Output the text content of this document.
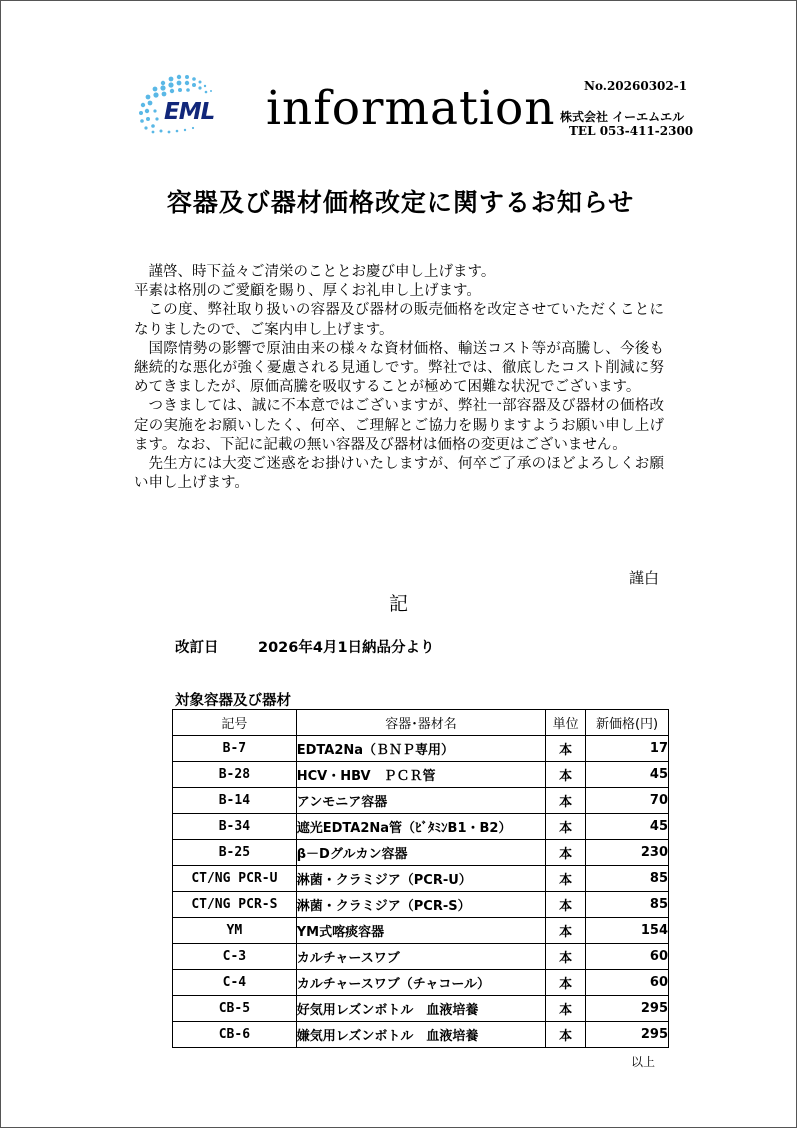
EML information No.20260302-1
株式会社 イーエムエル
TEL 053-411-2300
容器及び器材価格改定に関するお知らせ

謹啓、時下益々ご清栄のこととお慶び申し上げます。

平素は格別のご愛顧を賜り、厚くお礼申し上げます。

この度、弊社取り扱いの容器及び器材の販売価格を改定させていただくことになりましたので、ご案内申し上げます。

国際情勢の影響で原油由来の様々な資材価格、輸送コスト等が高騰し、今後も継続的な悪化が強く憂慮される見通しです。弊社では、徹底したコスト削減に努めてきましたが、原価高騰を吸収することが極めて困難な状況でございます。

つきましては、誠に不本意ではございますが、弊社一部容器及び器材の価格改定の実施をお願いしたく、何卒、ご理解とご協力を賜りますようお願い申し上げます。なお、下記に記載の無い容器及び器材は価格の変更はございません。

先生方には大変ご迷惑をお掛けいたしますが、何卒ご了承のほどよろしくお願い申し上げます。

謹白
記
改訂日	2026年4月1日納品分より
対象容器及び器材
記号	容器･器材名	単位	新価格(円)
B-7	EDTA2Na（ＢＮＰ専用）	本	17
B-28	HCV・HBV　ＰＣＲ管	本	45
B-14	アンモニア容器	本	70
B-34	遮光EDTA2Na管（ﾋﾞﾀﾐﾝB1・B2）	本	45
B-25	β－Dグルカン容器	本	230
CT/NG PCR-U	淋菌・クラミジア（PCR-U）	本	85
CT/NG PCR-S	淋菌・クラミジア（PCR-S）	本	85
YM	YM式喀痰容器	本	154
C-3	カルチャースワブ	本	60
C-4	カルチャースワブ（チャコール）	本	60
CB-5	好気用レズンボトル　血液培養	本	295
CB-6	嫌気用レズンボトル　血液培養	本	295
以上
